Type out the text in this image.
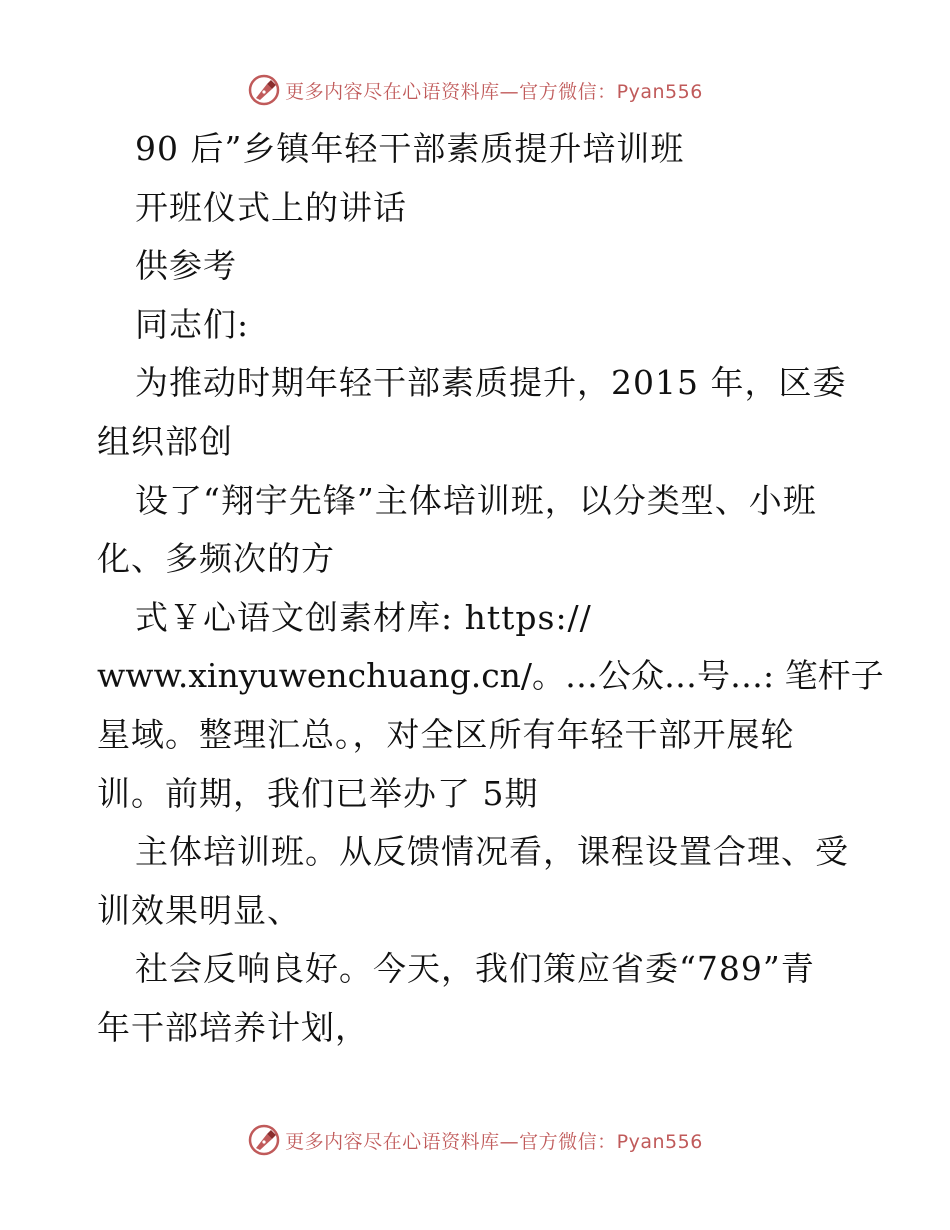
更多内容尽在心语资料库—官方微信：Pyan556
90 后”乡镇年轻干部素质提升培训班
开班仪式上的讲话
供参考
同志们:
为推动时期年轻干部素质提升，2015 年，区委
组织部创
设了“翔宇先锋”主体培训班，以分类型、小班
化、多频次的方
式￥心语文创素材库: https://
www.xinyuwenchuang.cn/。…公众…号…: 笔杆子
星域。整理汇总。，对全区所有年轻干部开展轮
训。前期，我们已举办了 5期
主体培训班。从反馈情况看，课程设置合理、受
训效果明显、
社会反响良好。今天，我们策应省委“789”青
年干部培养计划，
更多内容尽在心语资料库—官方微信：Pyan556
